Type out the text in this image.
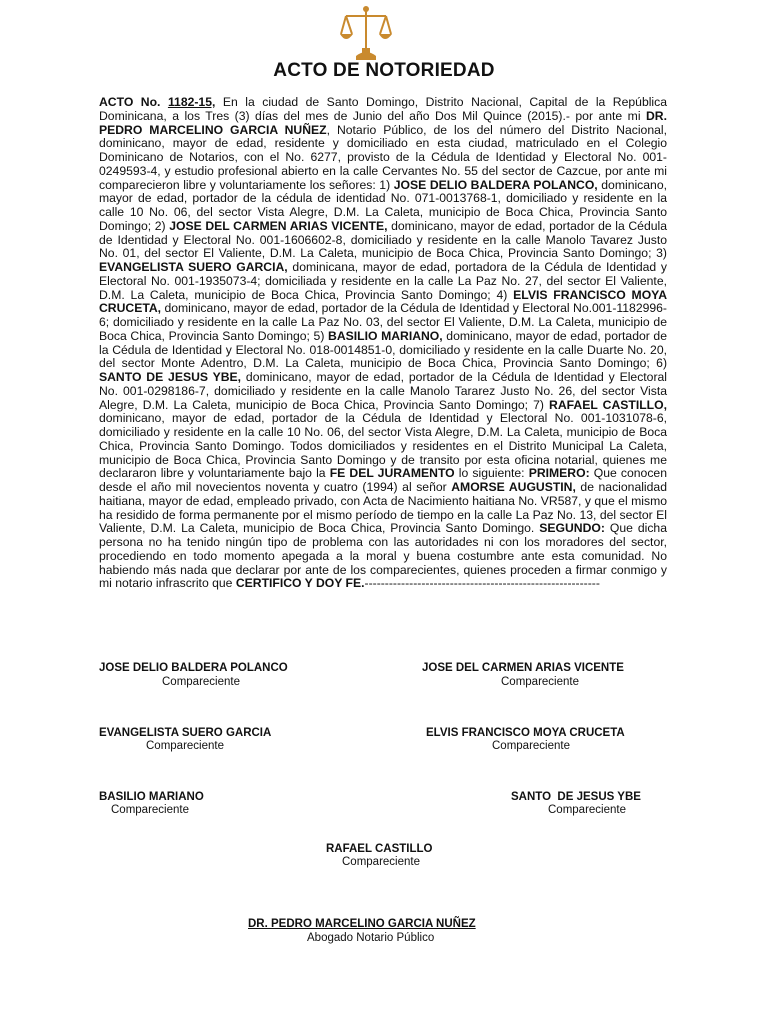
ACTO DE NOTORIEDAD
ACTO No. 1182-15, En la ciudad de Santo Domingo, Distrito Nacional, Capital de la República Dominicana, a los Tres (3) días del mes de Junio del año Dos Mil Quince (2015).- por ante mi DR. PEDRO MARCELINO GARCIA NUÑEZ, Notario Público, de los del número del Distrito Nacional, dominicano, mayor de edad, residente y domiciliado en esta ciudad, matriculado en el Colegio Dominicano de Notarios, con el No. 6277, provisto de la Cédula de Identidad y Electoral No. 001-0249593-4, y estudio profesional abierto en la calle Cervantes No. 55 del sector de Cazcue, por ante mi comparecieron libre y voluntariamente los señores: 1) JOSE DELIO BALDERA POLANCO, dominicano, mayor de edad, portador de la cédula de identidad No. 071-0013768-1, domiciliado y residente en la calle 10 No. 06, del sector Vista Alegre, D.M. La Caleta, municipio de Boca Chica, Provincia Santo Domingo; 2) JOSE DEL CARMEN ARIAS VICENTE, dominicano, mayor de edad, portador de la Cédula de Identidad y Electoral No. 001-1606602-8, domiciliado y residente en la calle Manolo Tavarez Justo No. 01, del sector El Valiente, D.M. La Caleta, municipio de Boca Chica, Provincia Santo Domingo; 3) EVANGELISTA SUERO GARCIA, dominicana, mayor de edad, portadora de la Cédula de Identidad y Electoral No. 001-1935073-4; domiciliada y residente en la calle La Paz No. 27, del sector El Valiente, D.M. La Caleta, municipio de Boca Chica, Provincia Santo Domingo; 4) ELVIS FRANCISCO MOYA CRUCETA, dominicano, mayor de edad, portador de la Cédula de Identidad y Electoral No.001-1182996-6; domiciliado y residente en la calle La Paz No. 03, del sector El Valiente, D.M. La Caleta, municipio de Boca Chica, Provincia Santo Domingo; 5) BASILIO MARIANO, dominicano, mayor de edad, portador de la Cédula de Identidad y Electoral No. 018-0014851-0, domiciliado y residente en la calle Duarte No. 20, del sector Monte Adentro, D.M. La Caleta, municipio de Boca Chica, Provincia Santo Domingo; 6) SANTO DE JESUS YBE, dominicano, mayor de edad, portador de la Cédula de Identidad y Electoral No. 001-0298186-7, domiciliado y residente en la calle Manolo Tararez Justo No. 26, del sector Vista Alegre, D.M. La Caleta, municipio de Boca Chica, Provincia Santo Domingo; 7) RAFAEL CASTILLO, dominicano, mayor de edad, portador de la Cédula de Identidad y Electoral No. 001-1031078-6, domiciliado y residente en la calle 10 No. 06, del sector Vista Alegre, D.M. La Caleta, municipio de Boca Chica, Provincia Santo Domingo. Todos domiciliados y residentes en el Distrito Municipal La Caleta, municipio de Boca Chica, Provincia Santo Domingo y de transito por esta oficina notarial, quienes me declararon libre y voluntariamente bajo la FE DEL JURAMENTO lo siguiente: PRIMERO: Que conocen desde el año mil novecientos noventa y cuatro (1994) al señor AMORSE AUGUSTIN, de nacionalidad haitiana, mayor de edad, empleado privado, con Acta de Nacimiento haitiana No. VR587, y que el mismo ha residido de forma permanente por el mismo período de tiempo en la calle La Paz No. 13, del sector El Valiente, D.M. La Caleta, municipio de Boca Chica, Provincia Santo Domingo. SEGUNDO: Que dicha persona no ha tenido ningún tipo de problema con las autoridades ni con los moradores del sector, procediendo en todo momento apegada a la moral y buena costumbre ante esta comunidad. No habiendo más nada que declarar por ante de los comparecientes, quienes proceden a firmar conmigo y mi notario infrascrito que CERTIFICO Y DOY FE.----------------------------------------------------------
JOSE DELIO BALDERA POLANCO
Compareciente
JOSE DEL CARMEN ARIAS VICENTE
Compareciente
EVANGELISTA SUERO GARCIA
Compareciente
ELVIS FRANCISCO MOYA CRUCETA
Compareciente
BASILIO MARIANO
Compareciente
SANTO  DE JESUS YBE
Compareciente
RAFAEL CASTILLO
Compareciente
DR. PEDRO MARCELINO GARCIA NUÑEZ
Abogado Notario Público
